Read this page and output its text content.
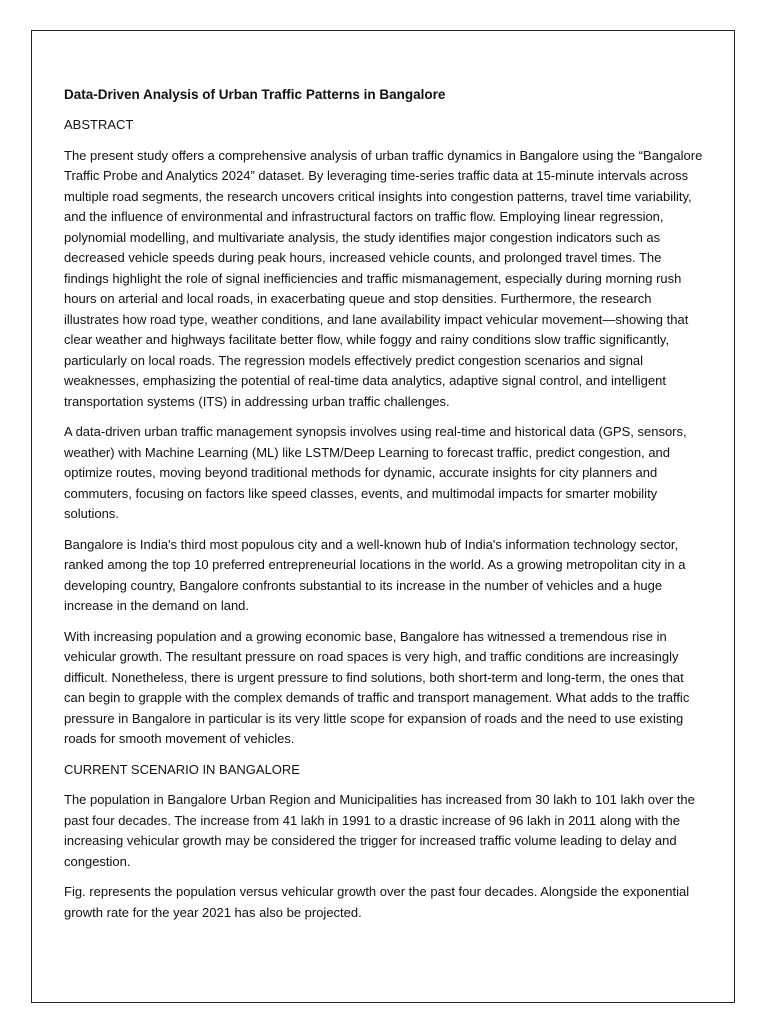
Data-Driven Analysis of Urban Traffic Patterns in Bangalore
ABSTRACT

The present study offers a comprehensive analysis of urban traffic dynamics in Bangalore using the “Bangalore Traffic Probe and Analytics 2024” dataset. By leveraging time-series traffic data at 15-minute intervals across multiple road segments, the research uncovers critical insights into congestion patterns, travel time variability, and the influence of environmental and infrastructural factors on traffic flow. Employing linear regression, polynomial modelling, and multivariate analysis, the study identifies major congestion indicators such as decreased vehicle speeds during peak hours, increased vehicle counts, and prolonged travel times. The findings highlight the role of signal inefficiencies and traffic mismanagement, especially during morning rush hours on arterial and local roads, in exacerbating queue and stop densities. Furthermore, the research illustrates how road type, weather conditions, and lane availability impact vehicular movement—showing that clear weather and highways facilitate better flow, while foggy and rainy conditions slow traffic significantly, particularly on local roads. The regression models effectively predict congestion scenarios and signal weaknesses, emphasizing the potential of real-time data analytics, adaptive signal control, and intelligent transportation systems (ITS) in addressing urban traffic challenges.

A data-driven urban traffic management synopsis involves using real-time and historical data (GPS, sensors, weather) with Machine Learning (ML) like LSTM/Deep Learning to forecast traffic, predict congestion, and optimize routes, moving beyond traditional methods for dynamic, accurate insights for city planners and commuters, focusing on factors like speed classes, events, and multimodal impacts for smarter mobility solutions.

Bangalore is India's third most populous city and a well-known hub of India's information technology sector, ranked among the top 10 preferred entrepreneurial locations in the world. As a growing metropolitan city in a developing country, Bangalore confronts substantial to its increase in the number of vehicles and a huge increase in the demand on land.

With increasing population and a growing economic base, Bangalore has witnessed a tremendous rise in vehicular growth. The resultant pressure on road spaces is very high, and traffic conditions are increasingly difficult. Nonetheless, there is urgent pressure to find solutions, both short-term and long-term, the ones that can begin to grapple with the complex demands of traffic and transport management. What adds to the traffic pressure in Bangalore in particular is its very little scope for expansion of roads and the need to use existing roads for smooth movement of vehicles.

CURRENT SCENARIO IN BANGALORE

The population in Bangalore Urban Region and Municipalities has increased from 30 lakh to 101 lakh over the past four decades. The increase from 41 lakh in 1991 to a drastic increase of 96 lakh in 2011 along with the increasing vehicular growth may be considered the trigger for increased traffic volume leading to delay and congestion.

Fig. represents the population versus vehicular growth over the past four decades. Alongside the exponential growth rate for the year 2021 has also be projected.
